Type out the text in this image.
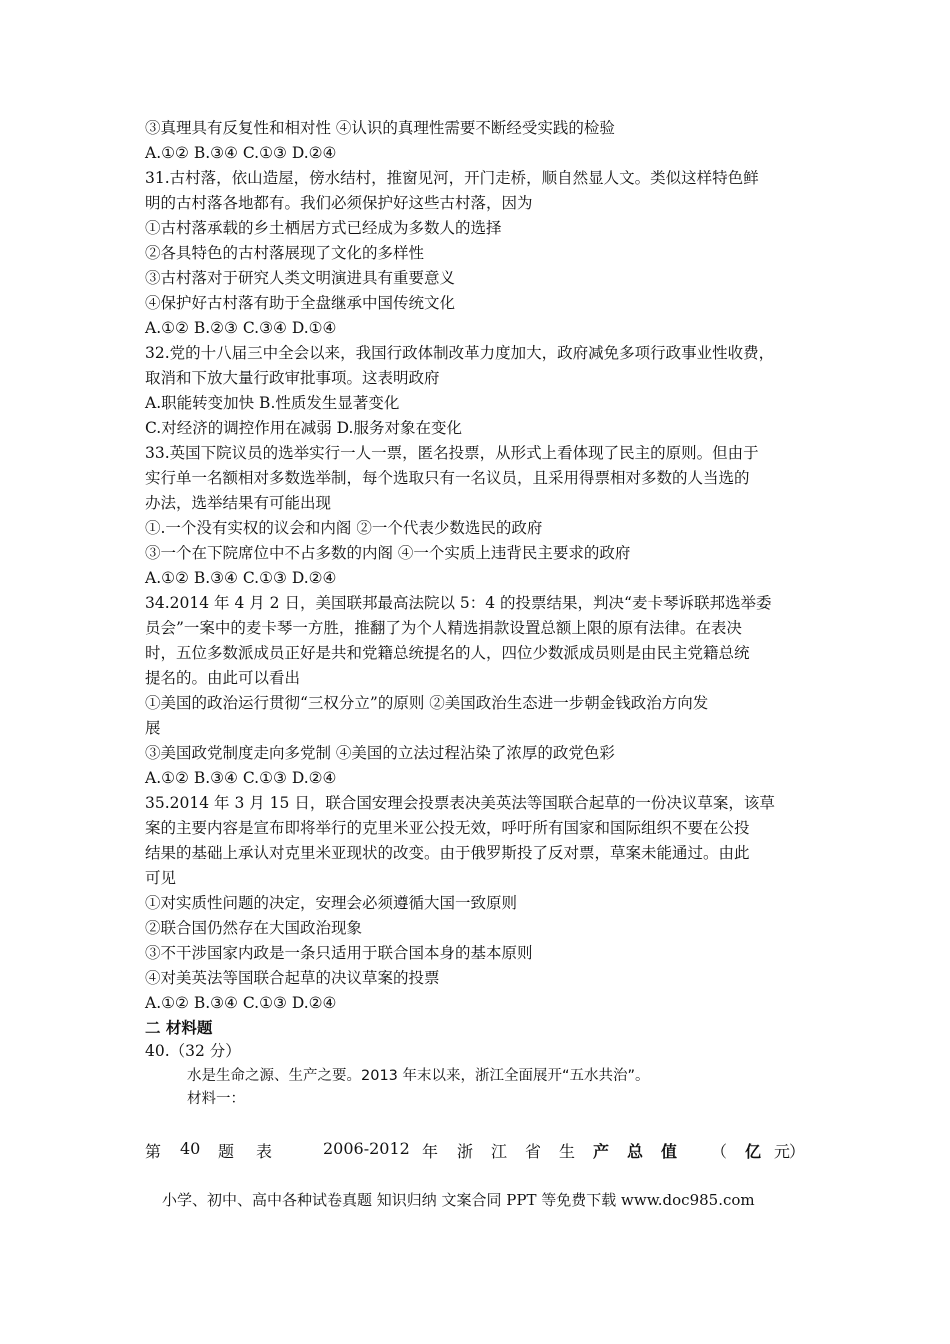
③真理具有反复性和相对性 ④认识的真理性需要不断经受实践的检验
A.①② B.③④ C.①③ D.②④
31.古村落，依山造屋，傍水结村，推窗见河，开门走桥，顺自然显人文。类似这样特色鲜
明的古村落各地都有。我们必须保护好这些古村落，因为
①古村落承载的乡土栖居方式已经成为多数人的选择
②各具特色的古村落展现了文化的多样性
③古村落对于研究人类文明演进具有重要意义
④保护好古村落有助于全盘继承中国传统文化
A.①② B.②③ C.③④ D.①④
32.党的十八届三中全会以来，我国行政体制改革力度加大，政府减免多项行政事业性收费，
取消和下放大量行政审批事项。这表明政府
A.职能转变加快 B.性质发生显著变化
C.对经济的调控作用在减弱 D.服务对象在变化
33.英国下院议员的选举实行一人一票，匿名投票，从形式上看体现了民主的原则。但由于
实行单一名额相对多数选举制，每个选取只有一名议员，且采用得票相对多数的人当选的
办法，选举结果有可能出现
①.一个没有实权的议会和内阁 ②一个代表少数选民的政府
③一个在下院席位中不占多数的内阁 ④一个实质上违背民主要求的政府
A.①② B.③④ C.①③ D.②④
34.2014 年 4 月 2 日，美国联邦最高法院以 5：4 的投票结果，判决“麦卡琴诉联邦选举委
员会”一案中的麦卡琴一方胜，推翻了为个人精选捐款设置总额上限的原有法律。在表决
时，五位多数派成员正好是共和党籍总统提名的人，四位少数派成员则是由民主党籍总统
提名的。由此可以看出
①美国的政治运行贯彻“三权分立”的原则 ②美国政治生态进一步朝金钱政治方向发
展
③美国政党制度走向多党制 ④美国的立法过程沾染了浓厚的政党色彩
A.①② B.③④ C.①③ D.②④
35.2014 年 3 月 15 日，联合国安理会投票表决美英法等国联合起草的一份决议草案，该草
案的主要内容是宣布即将举行的克里米亚公投无效，呼吁所有国家和国际组织不要在公投
结果的基础上承认对克里米亚现状的改变。由于俄罗斯投了反对票，草案未能通过。由此
可见
①对实质性问题的决定，安理会必须遵循大国一致原则
②联合国仍然存在大国政治现象
③不干涉国家内政是一条只适用于联合国本身的基本原则
④对美英法等国联合起草的决议草案的投票
A.①② B.③④ C.①③ D.②④
二 材料题
40.（32 分）
水是生命之源、生产之要。2013 年末以来，浙江全面展开“五水共治”。
材料一：
第 40 题 表	2006-2012 年 浙 江 省 生 产 总 值 （ 亿 元
）
小学、初中、高中各种试卷真题 知识归纳 文案合同 PPT 等免费下载 www.doc985.com
